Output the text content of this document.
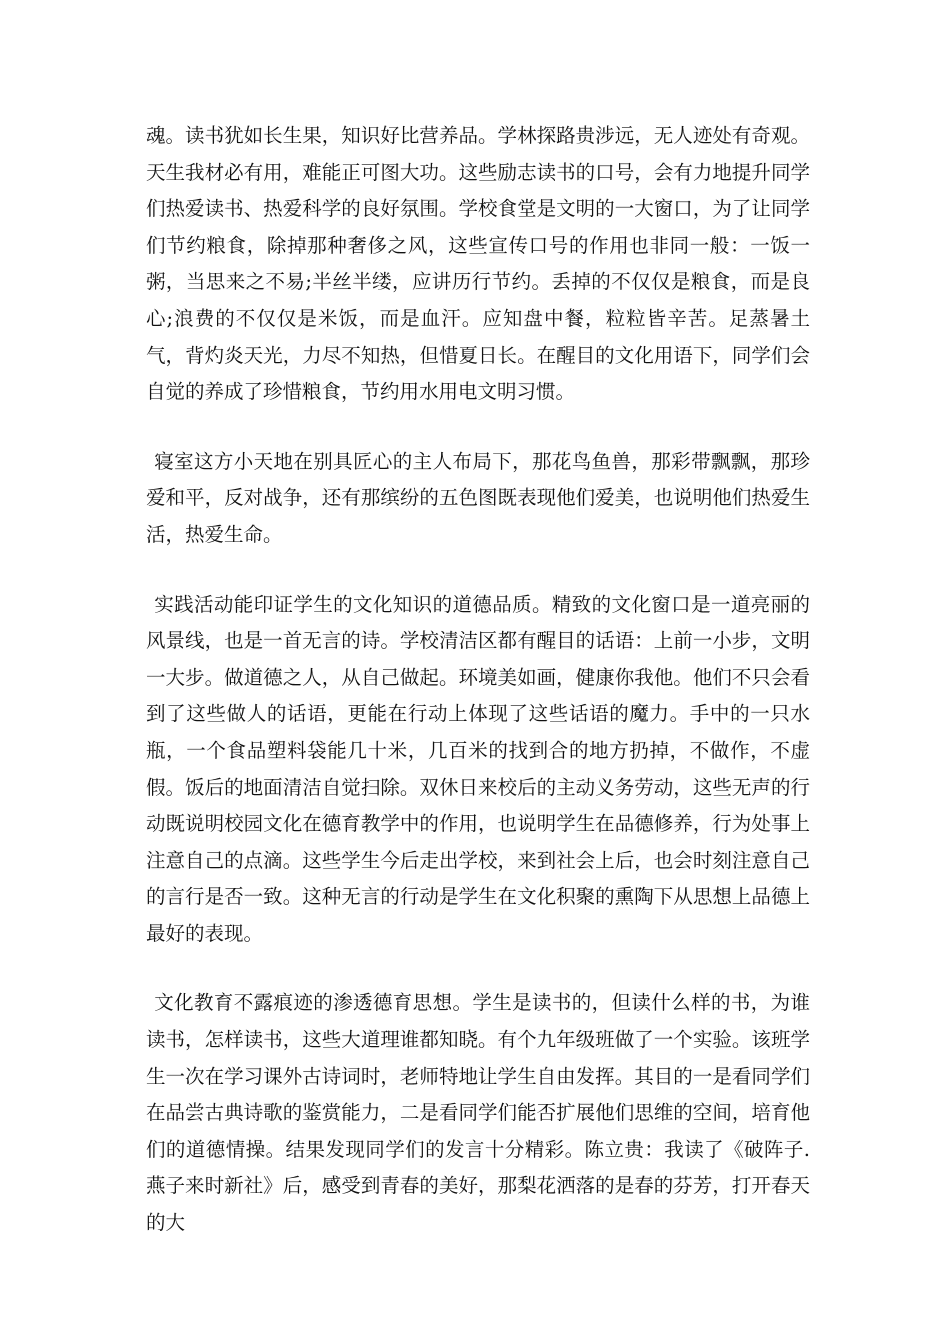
魂。读书犹如长生果，知识好比营养品。学林探路贵涉远，无人迹处有奇观。天生我材必有用，难能正可图大功。这些励志读书的口号，会有力地提升同学们热爱读书、热爱科学的良好氛围。学校食堂是文明的一大窗口，为了让同学们节约粮食，除掉那种奢侈之风，这些宣传口号的作用也非同一般：一饭一粥，当思来之不易;半丝半缕，应讲历行节约。丢掉的不仅仅是粮食，而是良心;浪费的不仅仅是米饭，而是血汗。应知盘中餐，粒粒皆辛苦。足蒸暑土气，背灼炎天光，力尽不知热，但惜夏日长。在醒目的文化用语下，同学们会自觉的养成了珍惜粮食，节约用水用电文明习惯。

寝室这方小天地在别具匠心的主人布局下，那花鸟鱼兽，那彩带飘飘，那珍爱和平，反对战争，还有那缤纷的五色图既表现他们爱美，也说明他们热爱生活，热爱生命。

实践活动能印证学生的文化知识的道德品质。精致的文化窗口是一道亮丽的风景线，也是一首无言的诗。学校清洁区都有醒目的话语：上前一小步，文明一大步。做道德之人，从自己做起。环境美如画，健康你我他。他们不只会看到了这些做人的话语，更能在行动上体现了这些话语的魔力。手中的一只水瓶，一个食品塑料袋能几十米，几百米的找到合的地方扔掉，不做作，不虚假。饭后的地面清洁自觉扫除。双休日来校后的主动义务劳动，这些无声的行动既说明校园文化在德育教学中的作用，也说明学生在品德修养，行为处事上注意自己的点滴。这些学生今后走出学校，来到社会上后，也会时刻注意自己的言行是否一致。这种无言的行动是学生在文化积聚的熏陶下从思想上品德上最好的表现。

文化教育不露痕迹的渗透德育思想。学生是读书的，但读什么样的书，为谁读书，怎样读书，这些大道理谁都知晓。有个九年级班做了一个实验。该班学生一次在学习课外古诗词时，老师特地让学生自由发挥。其目的一是看同学们在品尝古典诗歌的鉴赏能力，二是看同学们能否扩展他们思维的空间，培育他们的道德情操。结果发现同学们的发言十分精彩。陈立贵：我读了《破阵子.燕子来时新社》后，感受到青春的美好，那梨花洒落的是春的芬芳，打开春天的大
